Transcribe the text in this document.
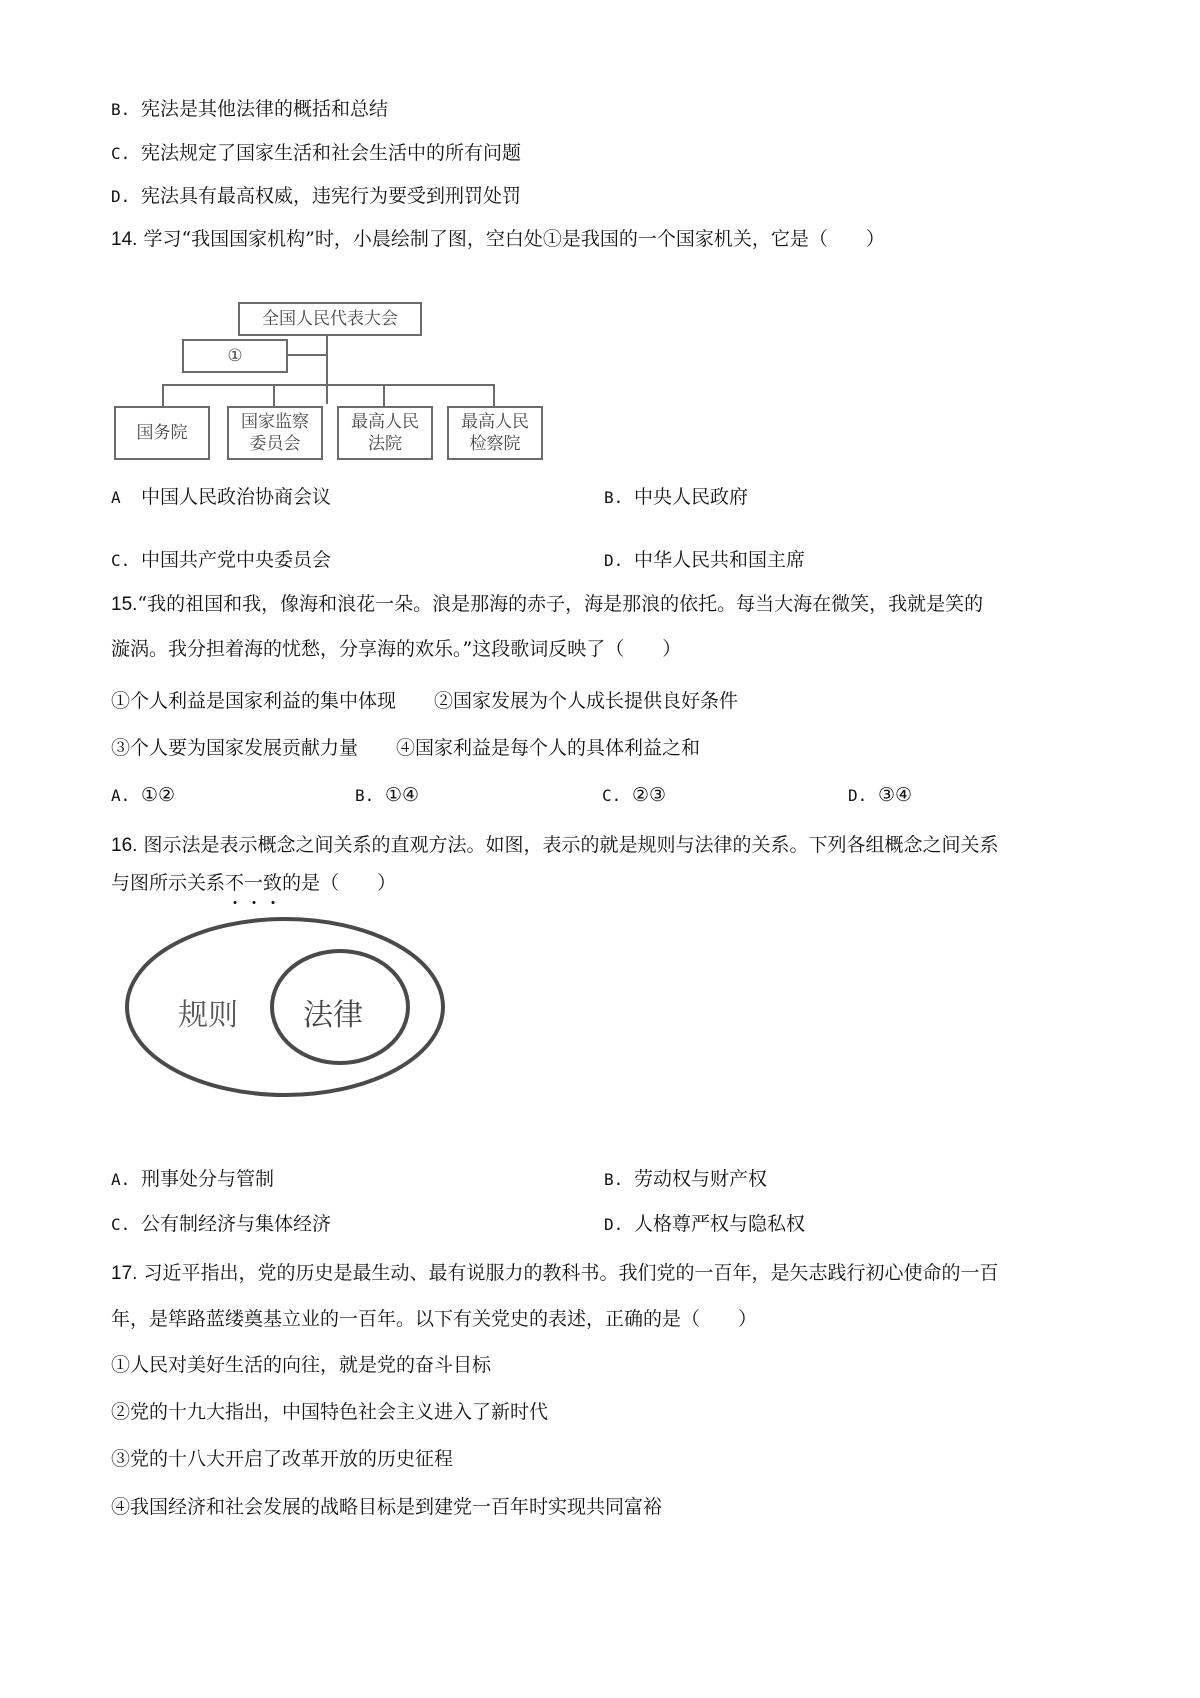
B. 宪法是其他法律的概括和总结
C. 宪法规定了国家生活和社会生活中的所有问题
D. 宪法具有最高权威，违宪行为要受到刑罚处罚
14. 学习“我国国家机构”时，小晨绘制了图，空白处①是我国的一个国家机关，它是（　　）
全国人民代表大会
①
国务院
国家监察
委员会
最高人民
法院
最高人民
检察院
A 中国人民政治协商会议	B. 中央人民政府
C. 中国共产党中央委员会	D. 中华人民共和国主席
15.“我的祖国和我，像海和浪花一朵。浪是那海的赤子，海是那浪的依托。每当大海在微笑，我就是笑的
漩涡。我分担着海的忧愁，分享海的欢乐。”这段歌词反映了（　　）
①个人利益是国家利益的集中体现　　②国家发展为个人成长提供良好条件
③个人要为国家发展贡献力量　　④国家利益是每个人的具体利益之和
A. ①②	B. ①④	C. ②③	D. ③④
16. 图示法是表示概念之间关系的直观方法。如图，表示的就是规则与法律的关系。下列各组概念之间关系
与图所示关系不
一
致
的是（　　）
规则 法律
A. 刑事处分与管制	B. 劳动权与财产权
C. 公有制经济与集体经济	D. 人格尊严权与隐私权
17. 习近平指出，党的历史是最生动、最有说服力的教科书。我们党的一百年，是矢志践行初心使命的一百
年，是筚路蓝缕奠基立业的一百年。以下有关党史的表述，正确的是（　　）
①人民对美好生活的向往，就是党的奋斗目标
②党的十九大指出，中国特色社会主义进入了新时代
③党的十八大开启了改革开放的历史征程
④我国经济和社会发展的战略目标是到建党一百年时实现共同富裕
